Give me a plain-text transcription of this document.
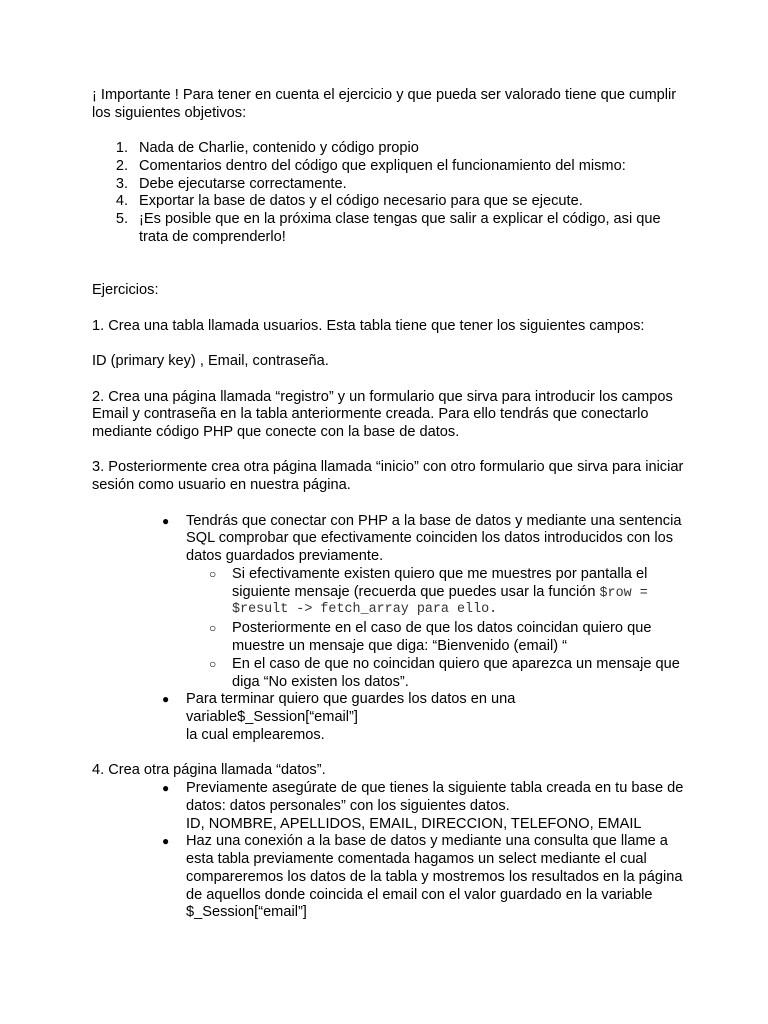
¡ Importante ! Para tener en cuenta el ejercicio y que pueda ser valorado tiene que cumplir

los siguientes objetivos:

1. Nada de Charlie, contenido y código propio

2. Comentarios dentro del código que expliquen el funcionamiento del mismo:

3. Debe ejecutarse correctamente.

4. Exportar la base de datos y el código necesario para que se ejecute.

5. ¡Es posible que en la próxima clase tengas que salir a explicar el código, asi que

trata de comprenderlo!

Ejercicios:

1. Crea una tabla llamada usuarios. Esta tabla tiene que tener los siguientes campos:

ID (primary key) , Email, contraseña.

2. Crea una página llamada “registro” y un formulario que sirva para introducir los campos

Email y contraseña en la tabla anteriormente creada. Para ello tendrás que conectarlo

mediante código PHP que conecte con la base de datos.

3. Posteriormente crea otra página llamada “inicio” con otro formulario que sirva para iniciar

sesión como usuario en nuestra página.

● Tendrás que conectar con PHP a la base de datos y mediante una sentencia

SQL comprobar que efectivamente coinciden los datos introducidos con los

datos guardados previamente.

○ Si efectivamente existen quiero que me muestres por pantalla el

siguiente mensaje (recuerda que puedes usar la función $row =

$result -> fetch_array para ello.

○ Posteriormente en el caso de que los datos coincidan quiero que

muestre un mensaje que diga: “Bienvenido (email) “

○ En el caso de que no coincidan quiero que aparezca un mensaje que

diga “No existen los datos”.

● Para terminar quiero que guardes los datos en una

variable$_Session[“email”]

la cual emplearemos.

4. Crea otra página llamada “datos”.

● Previamente asegúrate de que tienes la siguiente tabla creada en tu base de

datos: datos personales” con los siguientes datos.

ID, NOMBRE, APELLIDOS, EMAIL, DIRECCION, TELEFONO, EMAIL

● Haz una conexión a la base de datos y mediante una consulta que llame a

esta tabla previamente comentada hagamos un select mediante el cual

compareremos los datos de la tabla y mostremos los resultados en la página

de aquellos donde coincida el email con el valor guardado en la variable

$_Session[“email”]
